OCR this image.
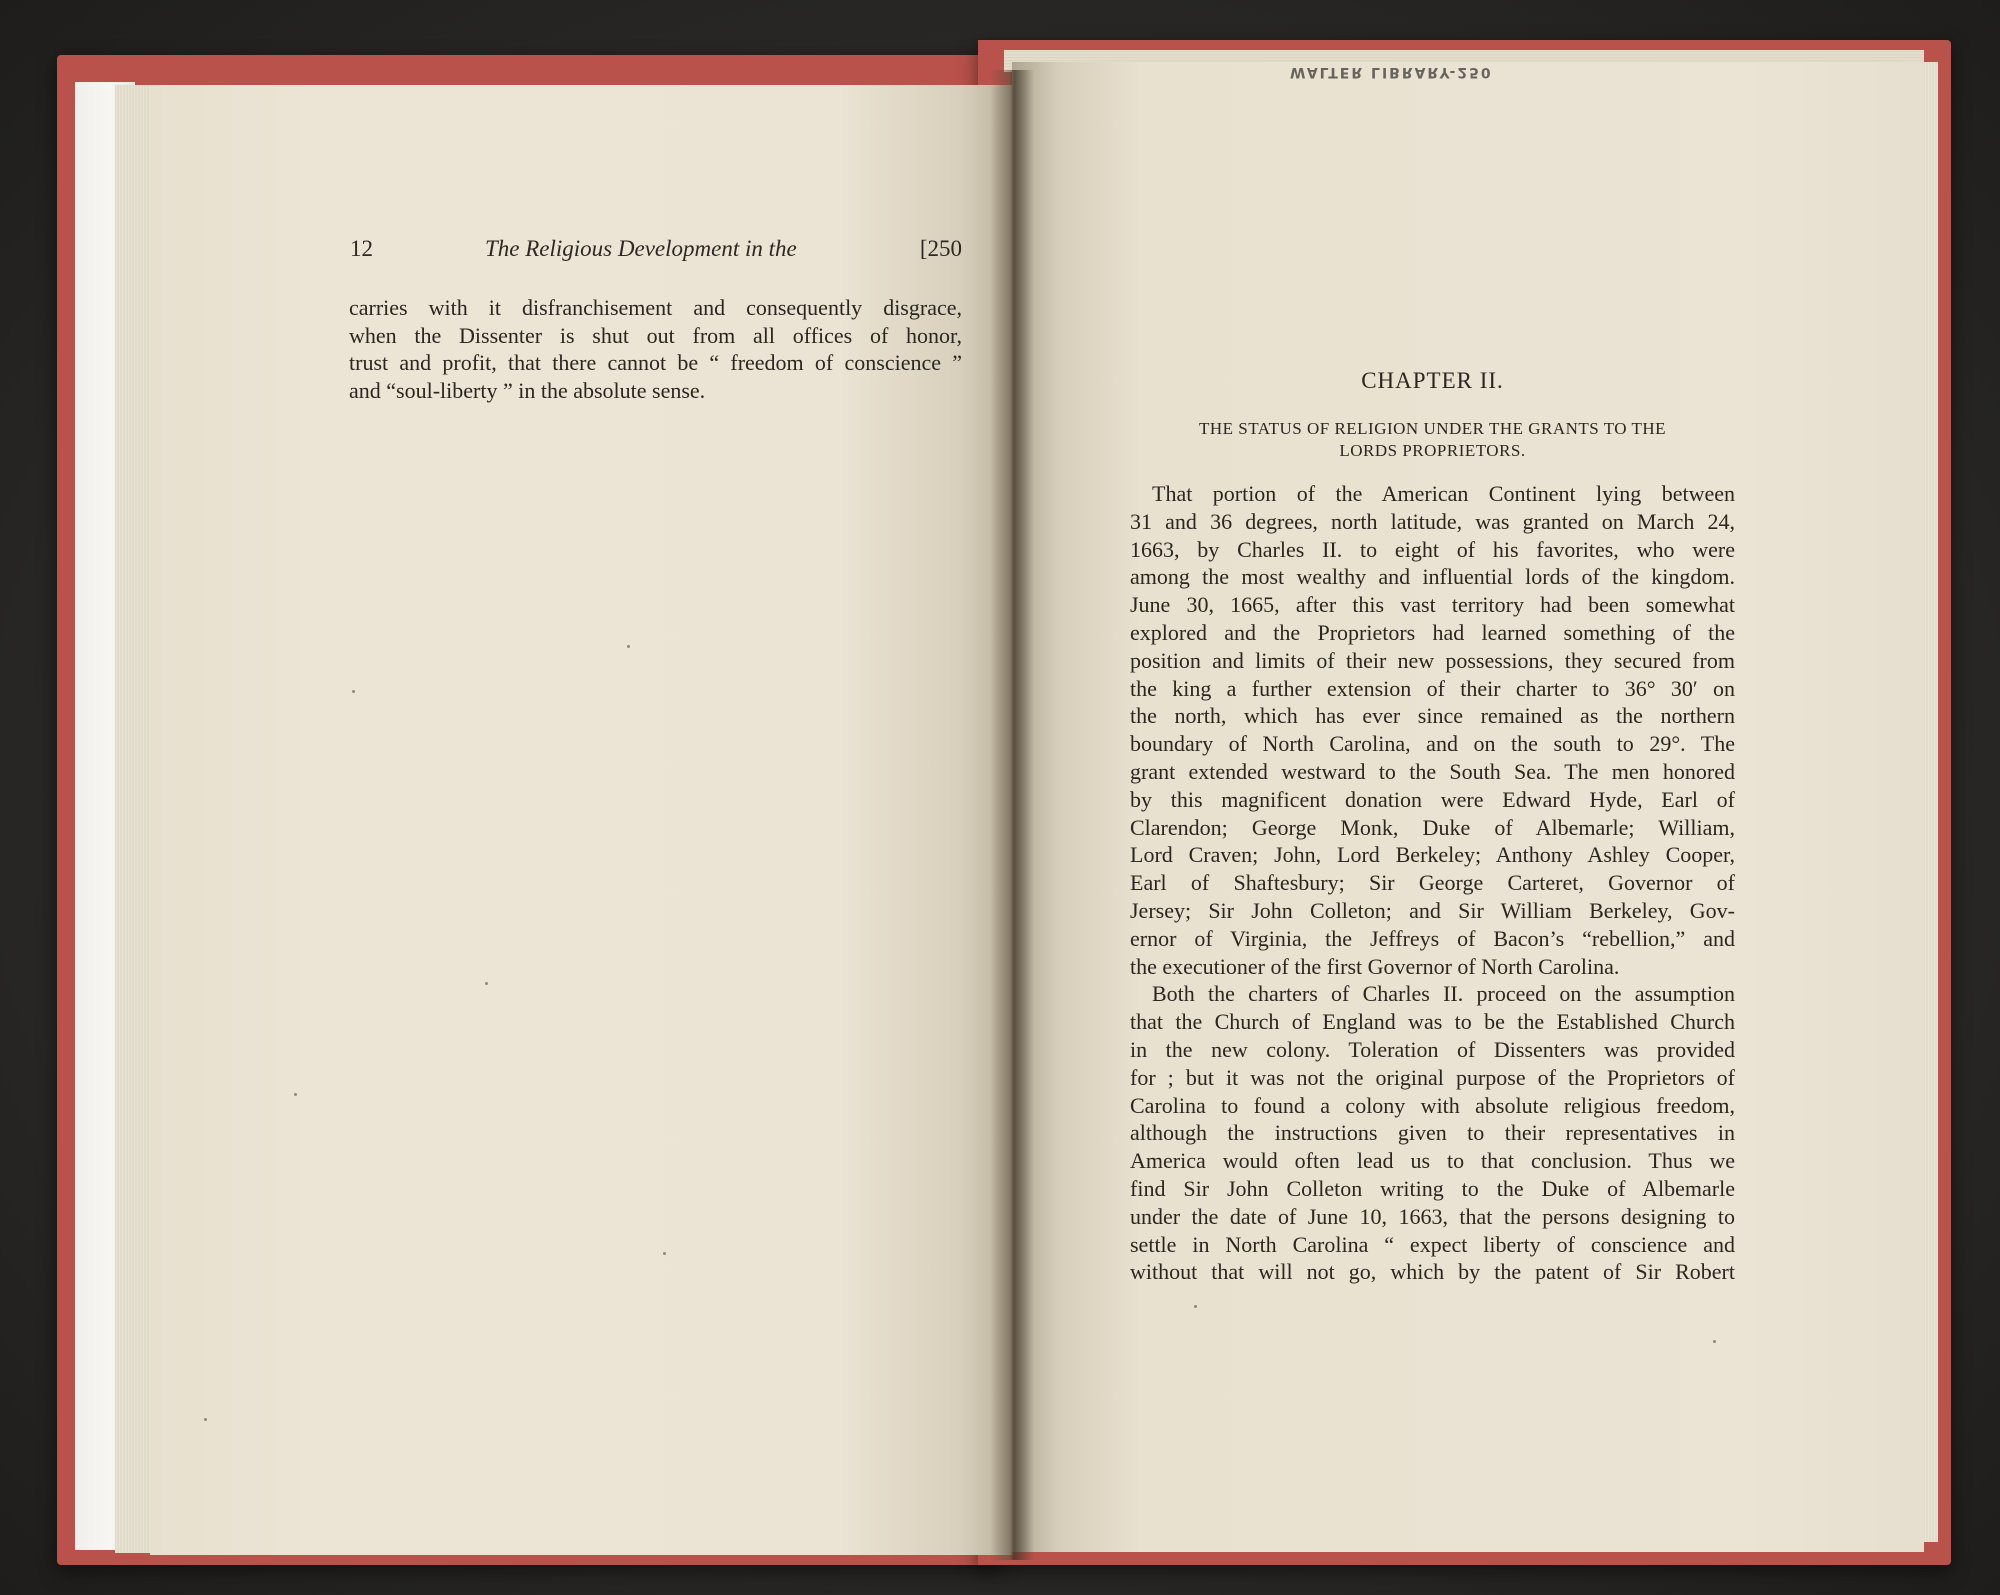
WALTER LIBRARY-250
12	The Religious Development in the	[250
carries with it disfranchisement and consequently disgrace,
when the Dissenter is shut out from all offices of honor,
trust and profit, that there cannot be “ freedom of conscience ”
and “soul-liberty ” in the absolute sense.	CHAPTER II.
THE STATUS OF RELIGION UNDER THE GRANTS TO THE
LORDS PROPRIETORS.
That portion of the American Continent lying between
31 and 36 degrees, north latitude, was granted on March 24,
1663, by Charles II. to eight of his favorites, who were
among the most wealthy and influential lords of the kingdom.
June 30, 1665, after this vast territory had been somewhat
explored and the Proprietors had learned something of the
position and limits of their new possessions, they secured from
the king a further extension of their charter to 36° 30′ on
the north, which has ever since remained as the northern
boundary of North Carolina, and on the south to 29°. The
grant extended westward to the South Sea. The men honored
by this magnificent donation were Edward Hyde, Earl of
Clarendon; George Monk, Duke of Albemarle; William,
Lord Craven; John, Lord Berkeley; Anthony Ashley Cooper,
Earl of Shaftesbury; Sir George Carteret, Governor of
Jersey; Sir John Colleton; and Sir William Berkeley, Gov-
ernor of Virginia, the Jeffreys of Bacon’s “rebellion,” and
the executioner of the first Governor of North Carolina.
Both the charters of Charles II. proceed on the assumption
that the Church of England was to be the Established Church
in the new colony. Toleration of Dissenters was provided
for ; but it was not the original purpose of the Proprietors of
Carolina to found a colony with absolute religious freedom,
although the instructions given to their representatives in
America would often lead us to that conclusion. Thus we
find Sir John Colleton writing to the Duke of Albemarle
under the date of June 10, 1663, that the persons designing to
settle in North Carolina “ expect liberty of conscience and
without that will not go, which by the patent of Sir Robert
